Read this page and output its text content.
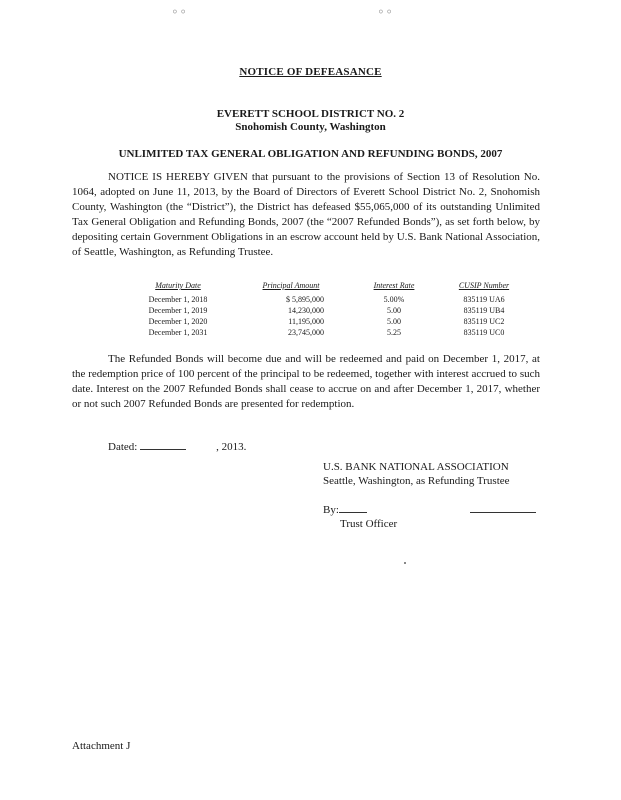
⸰ ⸰	⸰ ⸰
NOTICE OF DEFEASANCE
EVERETT SCHOOL DISTRICT NO. 2
Snohomish County, Washington
UNLIMITED TAX GENERAL OBLIGATION AND REFUNDING BONDS, 2007

NOTICE IS HEREBY GIVEN that pursuant to the provisions of Section 13 of Resolution No. 1064, adopted on June 11, 2013, by the Board of Directors of Everett School District No. 2, Snohomish County, Washington (the “District”), the District has defeased $55,065,000 of its outstanding Unlimited Tax General Obligation and Refunding Bonds, 2007 (the “2007 Refunded Bonds”), as set forth below, by depositing certain Government Obligations in an escrow account held by U.S. Bank National Association, of Seattle, Washington, as Refunding Trustee.

Maturity Date	Principal Amount	Interest Rate	CUSIP Number
December 1, 2018	$ 5,895,000	5.00%	835119 UA6
December 1, 2019	14,230,000	5.00	835119 UB4
December 1, 2020	11,195,000	5.00	835119 UC2
December 1, 2031	23,745,000	5.25	835119 UC0

The Refunded Bonds will become due and will be redeemed and paid on December 1, 2017, at the redemption price of 100 percent of the principal to be redeemed, together with interest accrued to such date. Interest on the 2007 Refunded Bonds shall cease to accrue on and after December 1, 2017, whether or not such 2007 Refunded Bonds are presented for redemption.

Dated:	, 2013.
U.S. BANK NATIONAL ASSOCIATION
Seattle, Washington, as Refunding Trustee
By:
Trust Officer
Attachment J
